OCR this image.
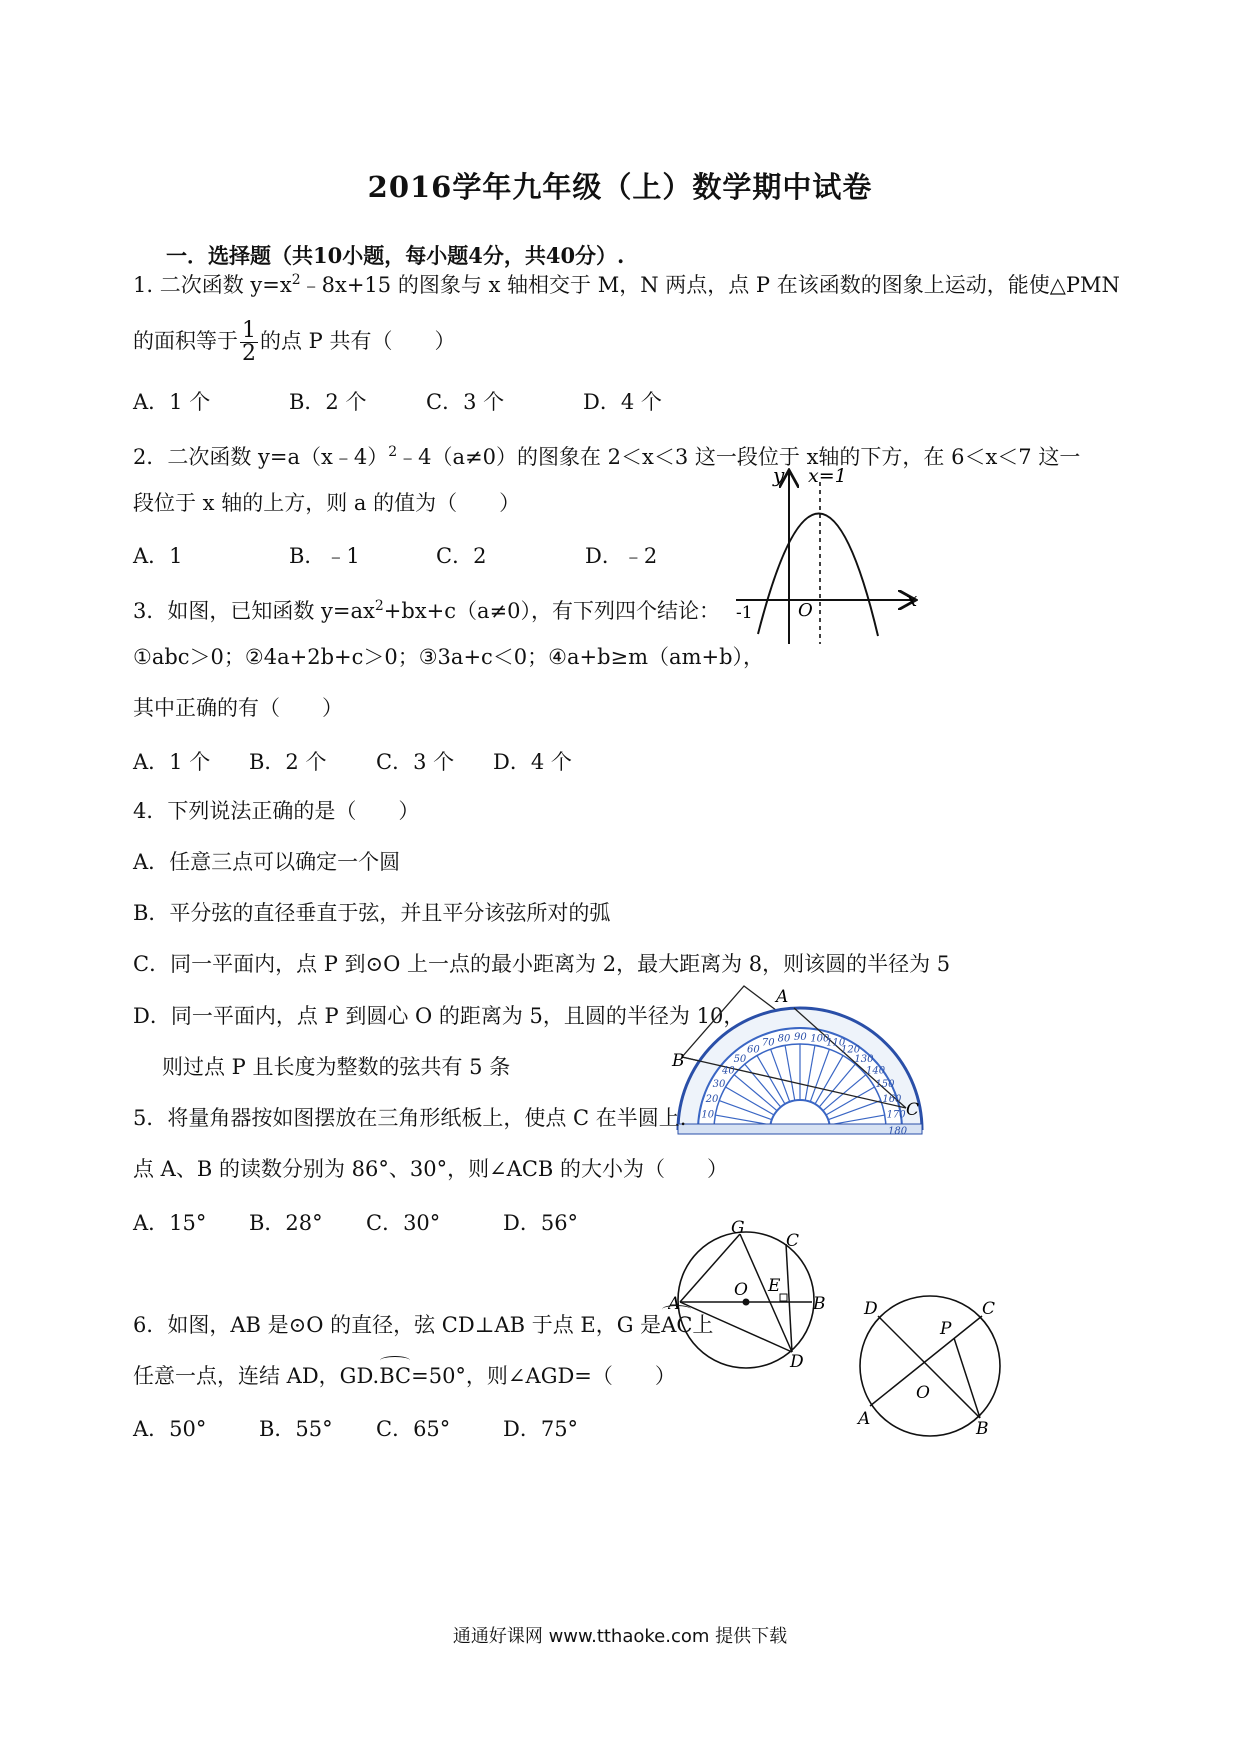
2016学年九年级（上）数学期中试卷
一．选择题（共10小题，每小题4分，共40分）.
1. 二次函数 $y=x^2﹣8x+15$ 的图象与 x 轴相交于 M，N 两点，点 P 在该函数的图象上运动，能使△PMN
的面积等于 $\frac{1}{2}$ 的点 P 共有（　　）
A．1 个	B．2 个	C．3 个	D．4 个
2．二次函数 y=a（x﹣4）$^2$﹣4（a≠0）的图象在 2＜x＜3 这一段位于 x轴的下方，在 6＜x＜7 这一
段位于 x 轴的上方，则 a 的值为（　　）
A．1	B．﹣1	C．2	D．﹣2
y x=1
x
O
-1
3．如图，已知函数 $y=ax^2+bx+c(a\ne 0)$，有下列四个结论：
①abc＞0；②4a+2b+c＞0；③3a+c＜0；④a+b≥m（am+b），
其中正确的有（　　）
A．1 个 B．2 个 C．3 个 D．4 个
4．下列说法正确的是（　　）
A．任意三点可以确定一个圆
B．平分弦的直径垂直于弦，并且平分该弦所对的弧
C．同一平面内，点 P 到⊙O 上一点的最小距离为 2，最大距离为 8，则该圆的半径为 5
D．同一平面内，点 P 到圆心 O 的距离为 5，且圆的半径为 10，
则过点 P 且长度为整数的弦共有 5 条
10
20
30
40
50
60
70 80 90 100
110
120
130
140
150
160
170
180
A
B
C
5．将量角器按如图摆放在三角形纸板上，使点 C 在半圆上.
点 A、B 的读数分别为 86°、30°，则∠ACB 的大小为（　　）
A．15° B．28° C．30°	D．56°	G
C
O E
A	B
D
D	C
P
O
A	B
6．如图，AB 是⊙O 的直径，弦 CD⊥AB 于点 E，G 是AC上
任意一点，连结 AD，GD.BC=50°，则∠AGD=（　　）
A．50°	B．55° C．65°	D．75°
通通好课网 www.tthaoke.com 提供下载
